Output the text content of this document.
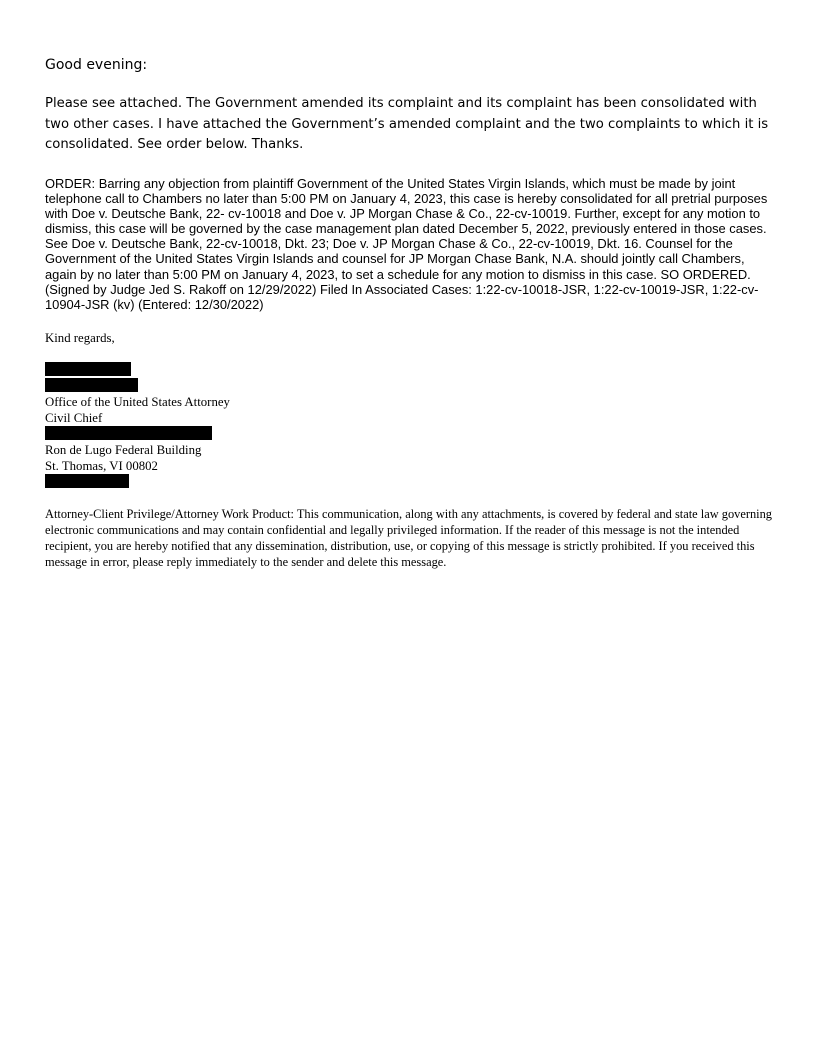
Good evening:
Please see attached. The Government amended its complaint and its complaint has been consolidated with two other cases. I have attached the Government’s amended complaint and the two complaints to which it is consolidated. See order below. Thanks.
ORDER: Barring any objection from plaintiff Government of the United States Virgin Islands, which must be made by joint telephone call to Chambers no later than 5:00 PM on January 4, 2023, this case is hereby consolidated for all pretrial purposes with Doe v. Deutsche Bank, 22- cv-10018 and Doe v. JP Morgan Chase & Co., 22-cv-10019. Further, except for any motion to dismiss, this case will be governed by the case management plan dated December 5, 2022, previously entered in those cases. See Doe v. Deutsche Bank, 22-cv-10018, Dkt. 23; Doe v. JP Morgan Chase & Co., 22-cv-10019, Dkt. 16. Counsel for the Government of the United States Virgin Islands and counsel for JP Morgan Chase Bank, N.A. should jointly call Chambers, again by no later than 5:00 PM on January 4, 2023, to set a schedule for any motion to dismiss in this case. SO ORDERED. (Signed by Judge Jed S. Rakoff on 12/29/2022) Filed In Associated Cases: 1:22-cv-10018-JSR, 1:22-cv-10019-JSR, 1:22-cv-10904-JSR (kv) (Entered: 12/30/2022)
Kind regards,
Office of the United States Attorney
Civil Chief
Ron de Lugo Federal Building
St. Thomas, VI 00802
Attorney-Client Privilege/Attorney Work Product: This communication, along with any attachments, is covered by federal and state law governing electronic communications and may contain confidential and legally privileged information. If the reader of this message is not the intended recipient, you are hereby notified that any dissemination, distribution, use, or copying of this message is strictly prohibited. If you received this message in error, please reply immediately to the sender and delete this message.
